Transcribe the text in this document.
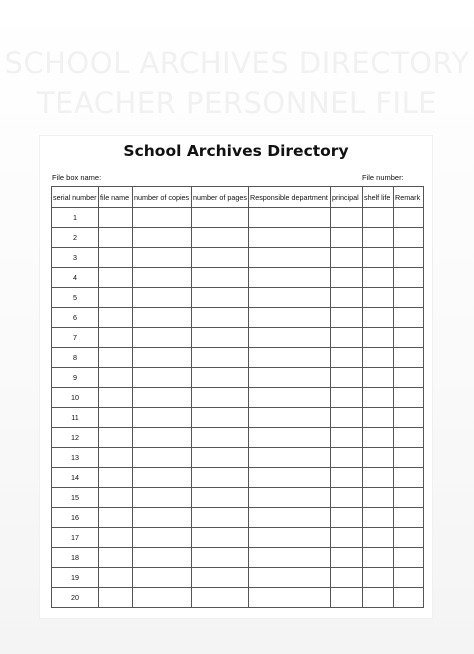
SCHOOL ARCHIVES DIRECTORY
TEACHER PERSONNEL FILE
School Archives Directory
File box name:	File number:
serial number	file name	number of copies	number of pages	Responsible department	principal	shelf life	Remark
1							
2							
3							
4							
5							
6							
7							
8							
9							
10							
11							
12							
13							
14							
15							
16							
17							
18							
19							
20							
